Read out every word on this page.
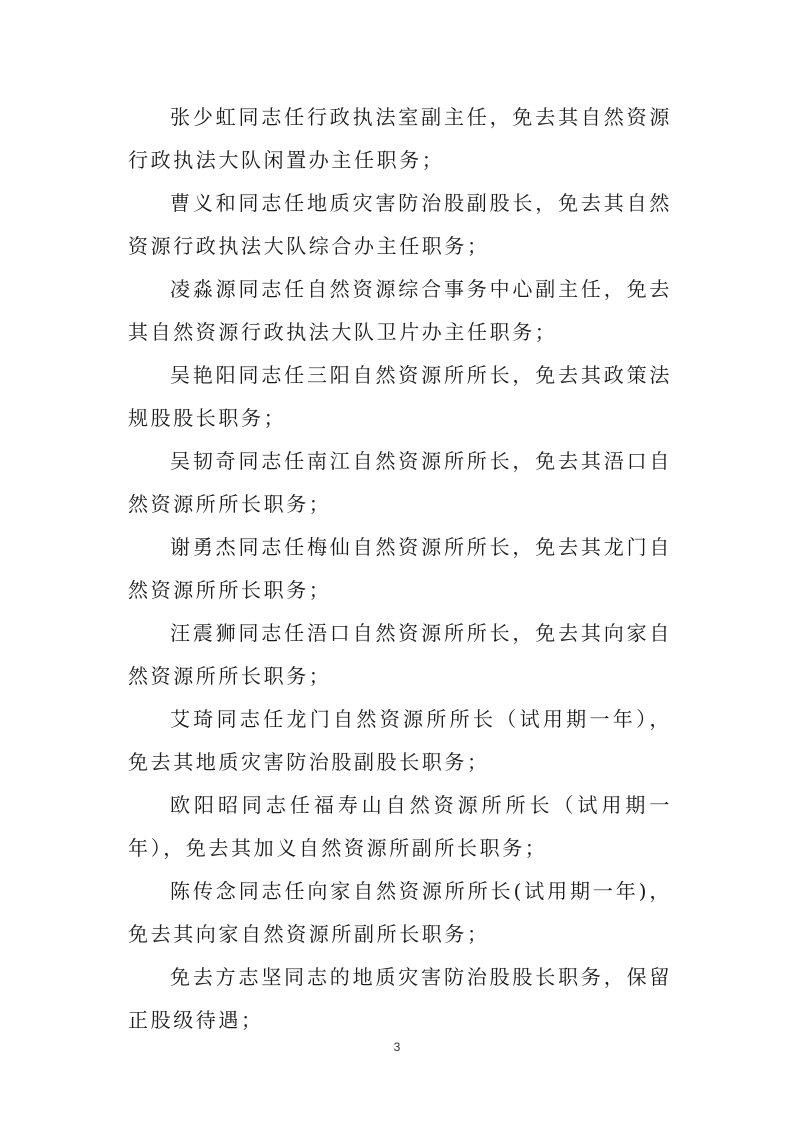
张少虹同志任行政执法室副主任，免去其自然资源行政执法大队闲置办主任职务；

曹义和同志任地质灾害防治股副股长，免去其自然资源行政执法大队综合办主任职务；

凌淼源同志任自然资源综合事务中心副主任，免去其自然资源行政执法大队卫片办主任职务；

吴艳阳同志任三阳自然资源所所长，免去其政策法规股股长职务；

吴韧奇同志任南江自然资源所所长，免去其浯口自然资源所所长职务；

谢勇杰同志任梅仙自然资源所所长，免去其龙门自然资源所所长职务；

汪震狮同志任浯口自然资源所所长，免去其向家自然资源所所长职务；

艾琦同志任龙门自然资源所所长（试用期一年），免去其地质灾害防治股副股长职务；

欧阳昭同志任福寿山自然资源所所长（试用期一年），免去其加义自然资源所副所长职务；

陈传念同志任向家自然资源所所长(试用期一年)，免去其向家自然资源所副所长职务；

免去方志坚同志的地质灾害防治股股长职务，保留正股级待遇；

3
